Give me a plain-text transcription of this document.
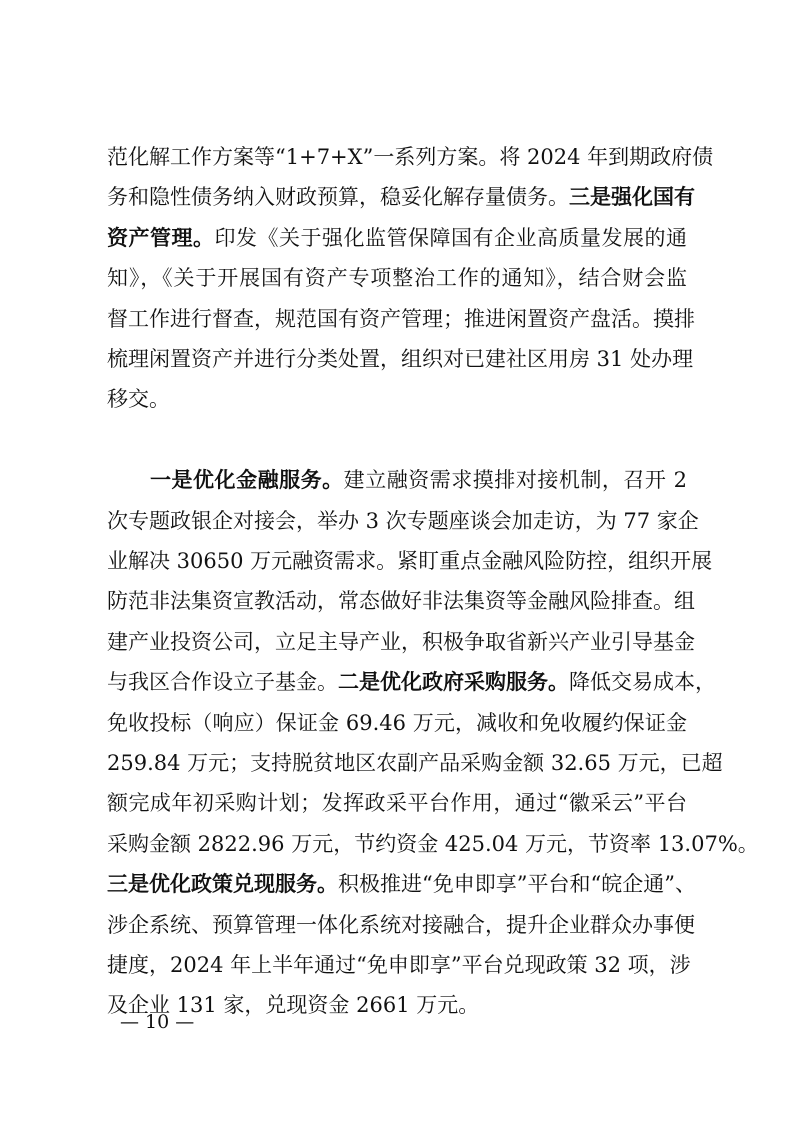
范化解工作方案等“1+7+X”一系列方案。将 2024 年到期政府债
务和隐性债务纳入财政预算，稳妥化解存量债务。三是强化国有
资产管理。印发《关于强化监管保障国有企业高质量发展的通
知》，《关于开展国有资产专项整治工作的通知》，结合财会监
督工作进行督查，规范国有资产管理；推进闲置资产盘活。摸排
梳理闲置资产并进行分类处置，组织对已建社区用房 31 处办理
移交。
一是优化金融服务。建立融资需求摸排对接机制，召开 2
次专题政银企对接会，举办 3 次专题座谈会加走访，为 77 家企
业解决 30650 万元融资需求。紧盯重点金融风险防控，组织开展
防范非法集资宣教活动，常态做好非法集资等金融风险排查。组
建产业投资公司，立足主导产业，积极争取省新兴产业引导基金
与我区合作设立子基金。二是优化政府采购服务。降低交易成本，
免收投标（响应）保证金 69.46 万元，减收和免收履约保证金
259.84 万元；支持脱贫地区农副产品采购金额 32.65 万元，已超
额完成年初采购计划；发挥政采平台作用，通过“徽采云”平台
采购金额 2822.96 万元，节约资金 425.04 万元，节资率 13.07%。
三是优化政策兑现服务。积极推进“免申即享”平台和“皖企通”、
涉企系统、预算管理一体化系统对接融合，提升企业群众办事便
捷度，2024 年上半年通过“免申即享”平台兑现政策 32 项，涉
及企业 131 家，兑现资金 2661 万元。
— 10 —
